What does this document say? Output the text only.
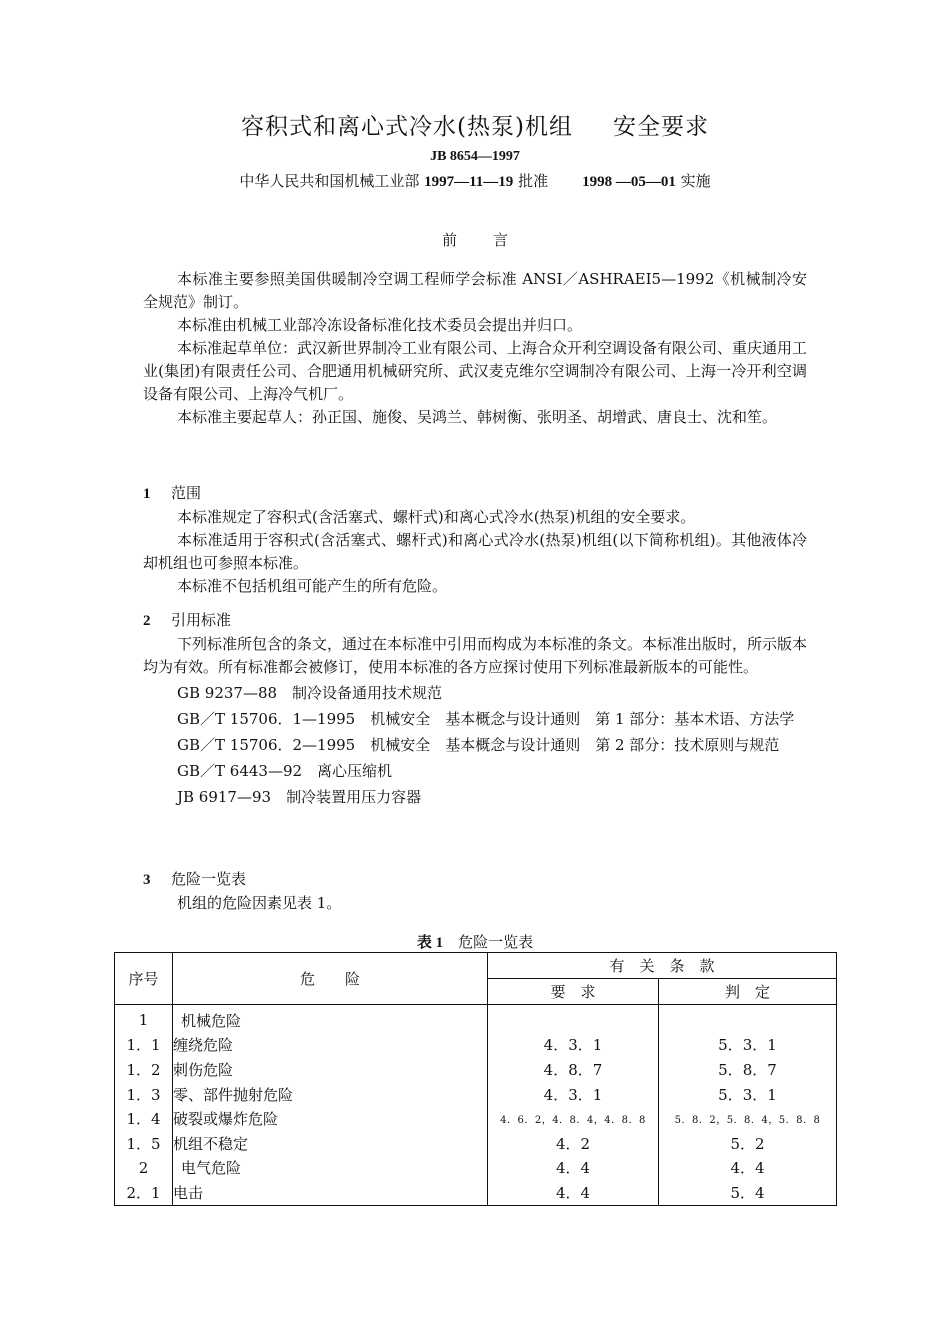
容积式和离心式冷水(热泵)机组 安全要求
JB 8654—1997
中华人民共和国机械工业部 1997—11—19 批准 1998 —05—01 实施
前言

本标准主要参照美国供暖制冷空调工程师学会标准 ANSI／ASHRAEI5—1992《机械制冷安全规范》制订。

本标准由机械工业部冷冻设备标准化技术委员会提出并归口。

本标准起草单位：武汉新世界制冷工业有限公司、上海合众开利空调设备有限公司、重庆通用工业(集团)有限责任公司、合肥通用机械研究所、武汉麦克维尔空调制冷有限公司、上海一冷开利空调设备有限公司、上海冷气机厂。

本标准主要起草人：孙正国、施俊、吴鸿兰、韩树衡、张明圣、胡增武、唐良士、沈和笙。

1 范围

本标准规定了容积式(含活塞式、螺杆式)和离心式冷水(热泵)机组的安全要求。

本标准适用于容积式(含活塞式、螺杆式)和离心式冷水(热泵)机组(以下简称机组)。其他液体冷却机组也可参照本标准。

本标准不包括机组可能产生的所有危险。

2 引用标准

下列标准所包含的条文，通过在本标准中引用而构成为本标准的条文。本标准出版时，所示版本均为有效。所有标准都会被修订，使用本标准的各方应探讨使用下列标准最新版本的可能性。

GB 9237—88　制冷设备通用技术规范

GB／T 15706．1—1995　机械安全　基本概念与设计通则　第 1 部分：基本术语、方法学

GB／T 15706．2—1995　机械安全　基本概念与设计通则　第 2 部分：技术原则与规范

GB／T 6443—92　离心压缩机

JB 6917—93　制冷装置用压力容器

3 危险一览表

机组的危险因素见表 1。

表 1　 危险一览表
序号	危　　险	有　关　条　款	
		要　求	判　定
1	机械危险		
1．1	缠绕危险	4．3．1	5．3．1
1．2	刺伤危险	4．8．7	5．8．7
1．3	零、部件抛射危险	4．3．1	5．3．1
1．4	破裂或爆炸危险	4．6．2，4．8．4，4．8．8	5．8．2，5．8．4，5．8．8
1．5	机组不稳定	4．2	5．2
2	电气危险	4．4	4．4
2．1	电击	4．4	5．4
